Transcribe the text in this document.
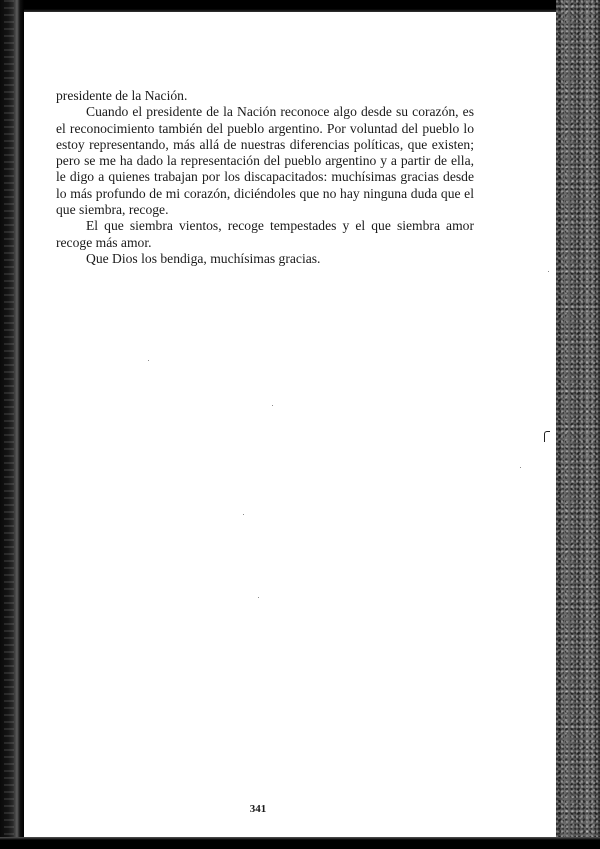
presidente de la Nación.

Cuando el presidente de la Nación reconoce algo desde su corazón, es el reconocimiento también del pueblo argentino. Por voluntad del pueblo lo estoy representando, más allá de nuestras diferencias políticas, que existen; pero se me ha dado la representación del pueblo argentino y a partir de ella, le digo a quienes trabajan por los discapacitados: muchísimas gracias desde lo más profundo de mi corazón, diciéndoles que no hay ninguna duda que el que siembra, recoge.

El que siembra vientos, recoge tempestades y el que siembra amor recoge más amor.

Que Dios los bendiga, muchísimas gracias.

341
